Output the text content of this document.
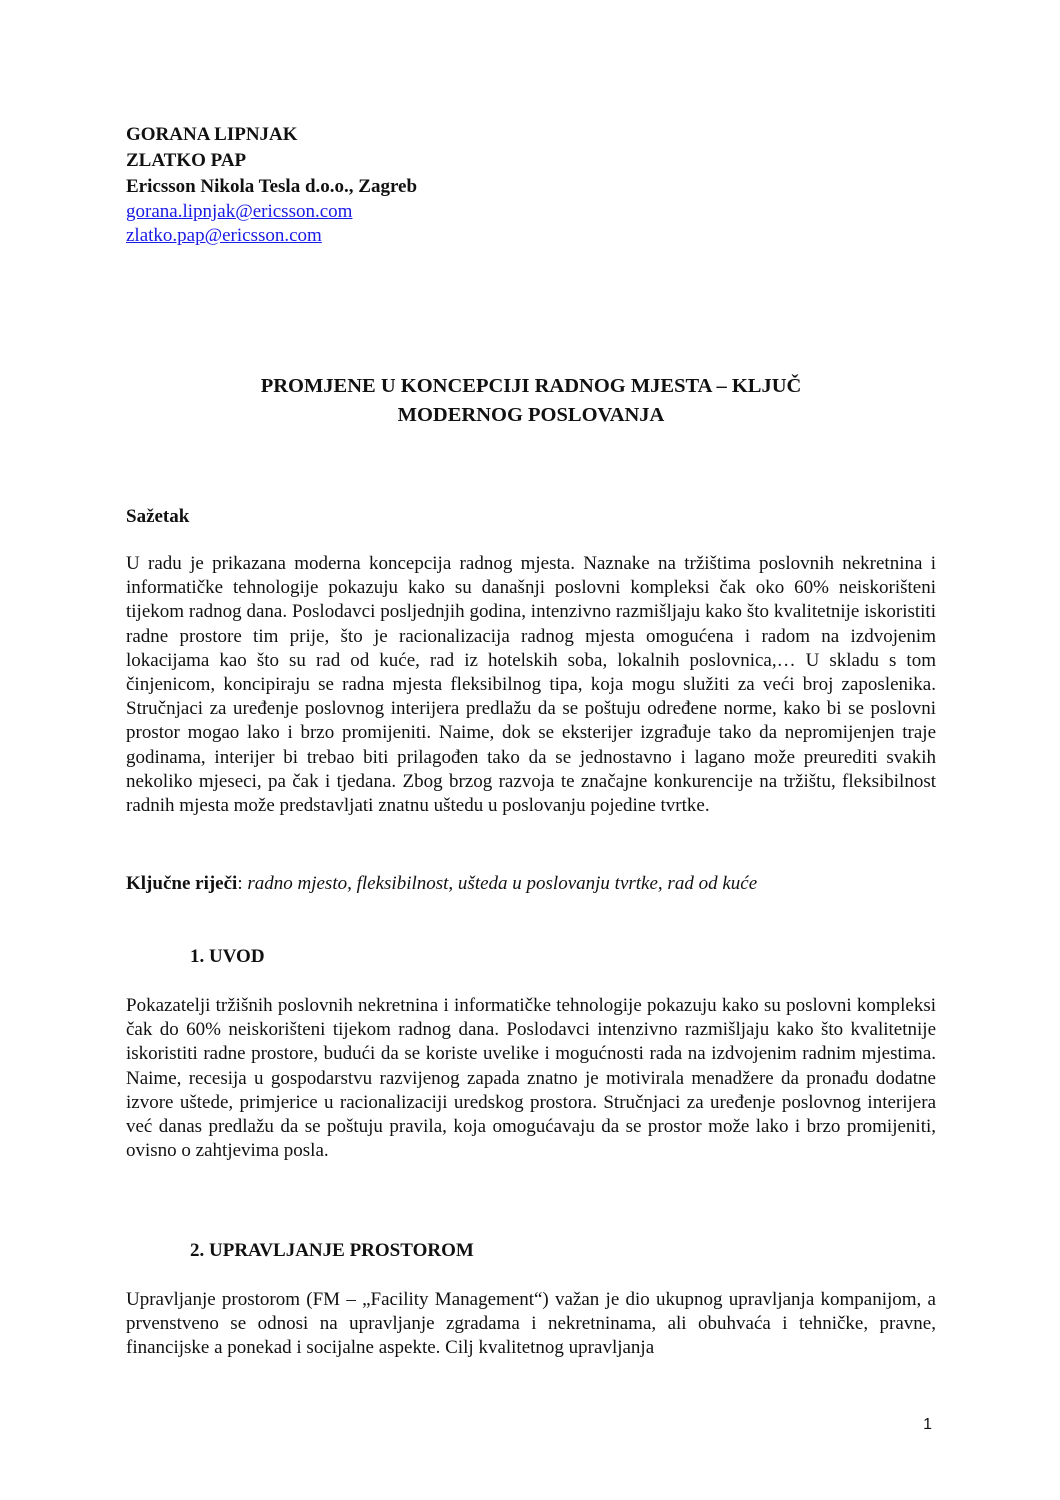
GORANA LIPNJAK
ZLATKO PAP
Ericsson Nikola Tesla d.o.o., Zagreb
gorana.lipnjak@ericsson.com
zlatko.pap@ericsson.com
PROMJENE U KONCEPCIJI RADNOG MJESTA – KLJUČ
MODERNOG POSLOVANJA
Sažetak
U radu je prikazana moderna koncepcija radnog mjesta. Naznake na tržištima poslovnih nekretnina i informatičke tehnologije pokazuju kako su današnji poslovni kompleksi čak oko 60% neiskorišteni tijekom radnog dana. Poslodavci posljednjih godina, intenzivno razmišljaju kako što kvalitetnije iskoristiti radne prostore tim prije, što je racionalizacija radnog mjesta omogućena i radom na izdvojenim lokacijama kao što su rad od kuće, rad iz hotelskih soba, lokalnih poslovnica,… U skladu s tom činjenicom, koncipiraju se radna mjesta fleksibilnog tipa, koja mogu služiti za veći broj zaposlenika. Stručnjaci za uređenje poslovnog interijera predlažu da se poštuju određene norme, kako bi se poslovni prostor mogao lako i brzo promijeniti. Naime, dok se eksterijer izgrađuje tako da nepromijenjen traje godinama, interijer bi trebao biti prilagođen tako da se jednostavno i lagano može preurediti svakih nekoliko mjeseci, pa čak i tjedana. Zbog brzog razvoja te značajne konkurencije na tržištu, fleksibilnost radnih mjesta može predstavljati znatnu uštedu u poslovanju pojedine tvrtke.
Ključne riječi: radno mjesto, fleksibilnost, ušteda u poslovanju tvrtke, rad od kuće
1. UVOD
Pokazatelji tržišnih poslovnih nekretnina i informatičke tehnologije pokazuju kako su poslovni kompleksi čak do 60% neiskorišteni tijekom radnog dana. Poslodavci intenzivno razmišljaju kako što kvalitetnije iskoristiti radne prostore, budući da se koriste uvelike i mogućnosti rada na izdvojenim radnim mjestima. Naime, recesija u gospodarstvu razvijenog zapada znatno je motivirala menadžere da pronađu dodatne izvore uštede, primjerice u racionalizaciji uredskog prostora. Stručnjaci za uređenje poslovnog interijera već danas predlažu da se poštuju pravila, koja omogućavaju da se prostor može lako i brzo promijeniti, ovisno o zahtjevima posla.
2. UPRAVLJANJE PROSTOROM
Upravljanje prostorom (FM – „Facility Management“) važan je dio ukupnog upravljanja kompanijom, a prvenstveno se odnosi na upravljanje zgradama i nekretninama, ali obuhvaća i tehničke, pravne, financijske a ponekad i socijalne aspekte. Cilj kvalitetnog upravljanja
1
